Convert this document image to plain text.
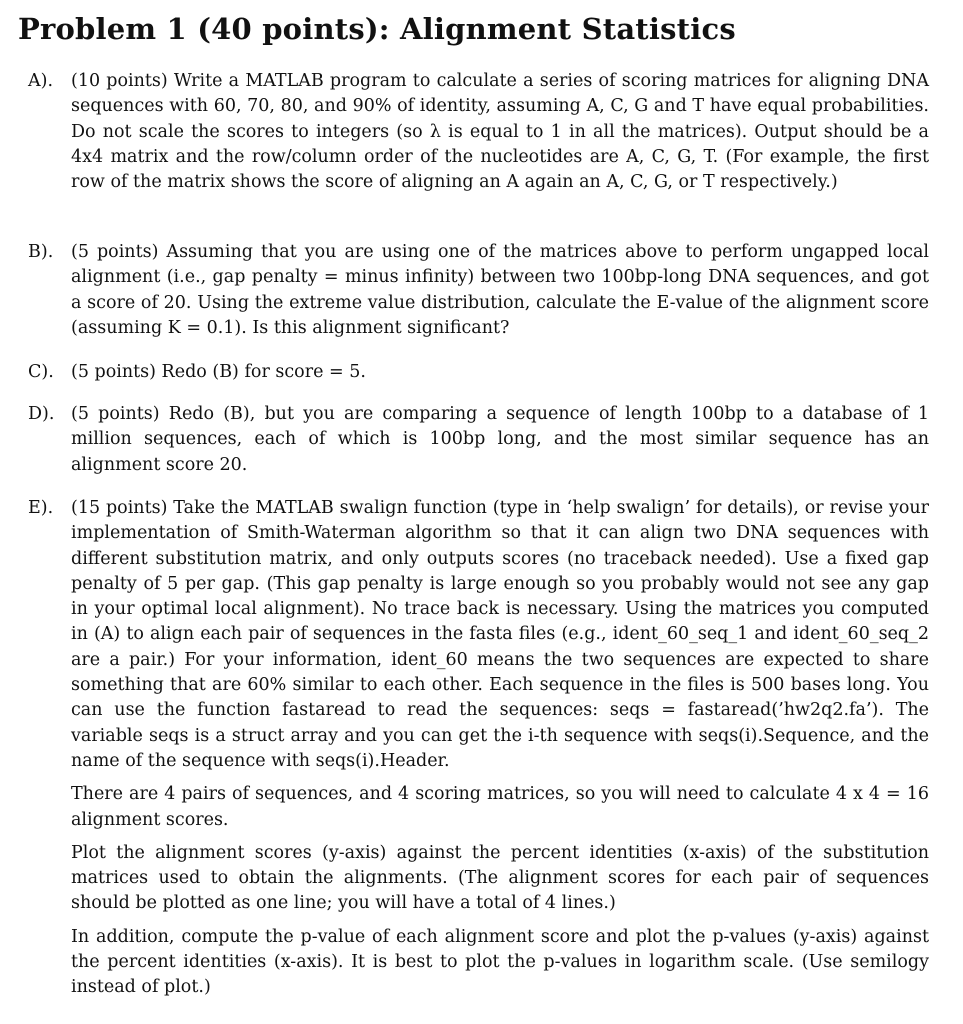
Problem 1 (40 points): Alignment Statistics
A). (10 points) Write a MATLAB program to calculate a series of scoring matrices for aligning DNA sequences with 60, 70, 80, and 90% of identity, assuming A, C, G and T have equal probabilities. Do not scale the scores to integers (so λ is equal to 1 in all the matrices). Output should be a 4x4 matrix and the row/column order of the nucleotides are A, C, G, T. (For example, the first row of the matrix shows the score of aligning an A again an A, C, G, or T respectively.)

B). (5 points) Assuming that you are using one of the matrices above to perform ungapped local alignment (i.e., gap penalty = minus infinity) between two 100bp-long DNA sequences, and got a score of 20. Using the extreme value distribution, calculate the E-value of the alignment score (assuming K = 0.1). Is this alignment significant?

C). (5 points) Redo (B) for score = 5.

D). (5 points) Redo (B), but you are comparing a sequence of length 100bp to a database of 1 million sequences, each of which is 100bp long, and the most similar sequence has an alignment score 20.

E). (15 points) Take the MATLAB swalign function (type in ‘help swalign’ for details), or revise your implementation of Smith-Waterman algorithm so that it can align two DNA sequences with different substitution matrix, and only outputs scores (no traceback needed). Use a fixed gap penalty of 5 per gap. (This gap penalty is large enough so you probably would not see any gap in your optimal local alignment). No trace back is necessary. Using the matrices you computed in (A) to align each pair of sequences in the fasta files (e.g., ident_60_seq_1 and ident_60_seq_2 are a pair.) For your information, ident_60 means the two sequences are expected to share something that are 60% similar to each other. Each sequence in the files is 500 bases long. You can use the function fastaread to read the sequences: seqs = fastaread(’hw2q2.fa’). The variable seqs is a struct array and you can get the i-th sequence with seqs(i).Sequence, and the name of the sequence with seqs(i).Header.

There are 4 pairs of sequences, and 4 scoring matrices, so you will need to calculate 4 x 4 = 16 alignment scores.

Plot the alignment scores (y-axis) against the percent identities (x-axis) of the substitution matrices used to obtain the alignments. (The alignment scores for each pair of sequences should be plotted as one line; you will have a total of 4 lines.)

In addition, compute the p-value of each alignment score and plot the p-values (y-axis) against the percent identities (x-axis). It is best to plot the p-values in logarithm scale. (Use semilogy instead of plot.)
